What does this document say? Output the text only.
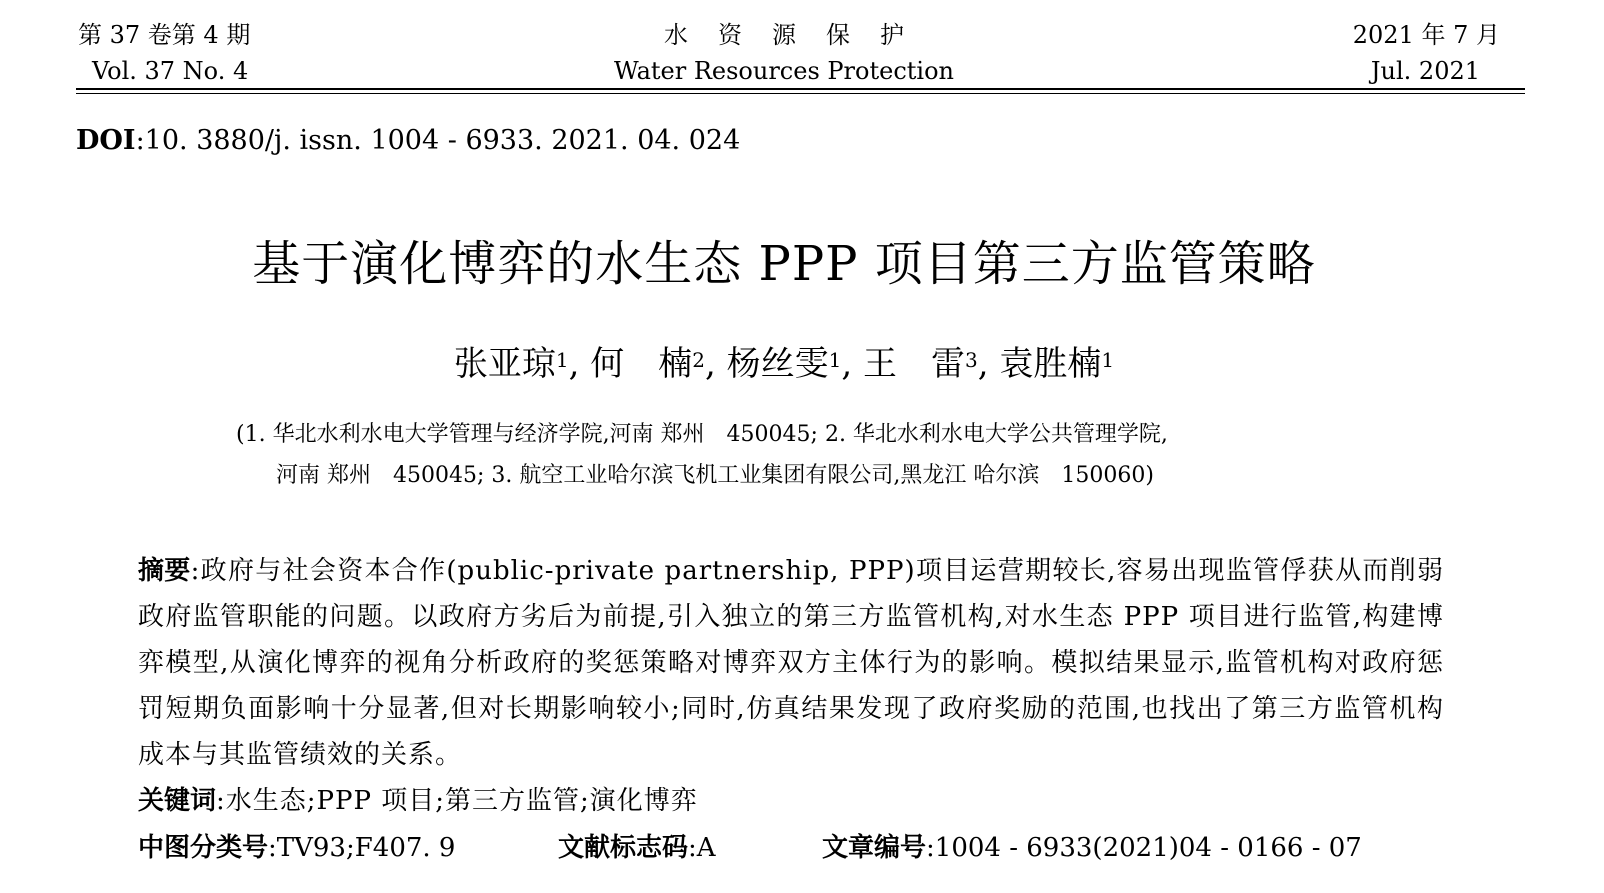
第 37 卷第 4 期
Vol. 37 No. 4
水资源保护
Water Resources Protection
2021 年 7 月
Jul. 2021
DOI:10. 3880/j. issn. 1004 - 6933. 2021. 04. 024
基于演化博弈的水生态 PPP 项目第三方监管策略
张亚琼$^1$, 何　楠$^2$, 杨丝雯$^1$, 王　雷$^3$, 袁胜楠$^1$
(1. 华北水利水电大学管理与经济学院,河南 郑州　450045; 2. 华北水利水电大学公共管理学院,
河南 郑州　450045; 3. 航空工业哈尔滨飞机工业集团有限公司,黑龙江 哈尔滨　150060)
摘要:政府与社会资本合作(public-private partnership, PPP)项目运营期较长,容易出现监管俘获从而削弱政府监管职能的问题。以政府方劣后为前提,引入独立的第三方监管机构,对水生态 PPP 项目进行监管,构建博弈模型,从演化博弈的视角分析政府的奖惩策略对博弈双方主体行为的影响。模拟结果显示,监管机构对政府惩罚短期负面影响十分显著,但对长期影响较小;同时,仿真结果发现了政府奖励的范围,也找出了第三方监管机构成本与其监管绩效的关系。
关键词:水生态;PPP 项目;第三方监管;演化博弈
中图分类号:TV93;F407. 9	文献标志码:A	文章编号:1004 - 6933(2021)04 - 0166 - 07
